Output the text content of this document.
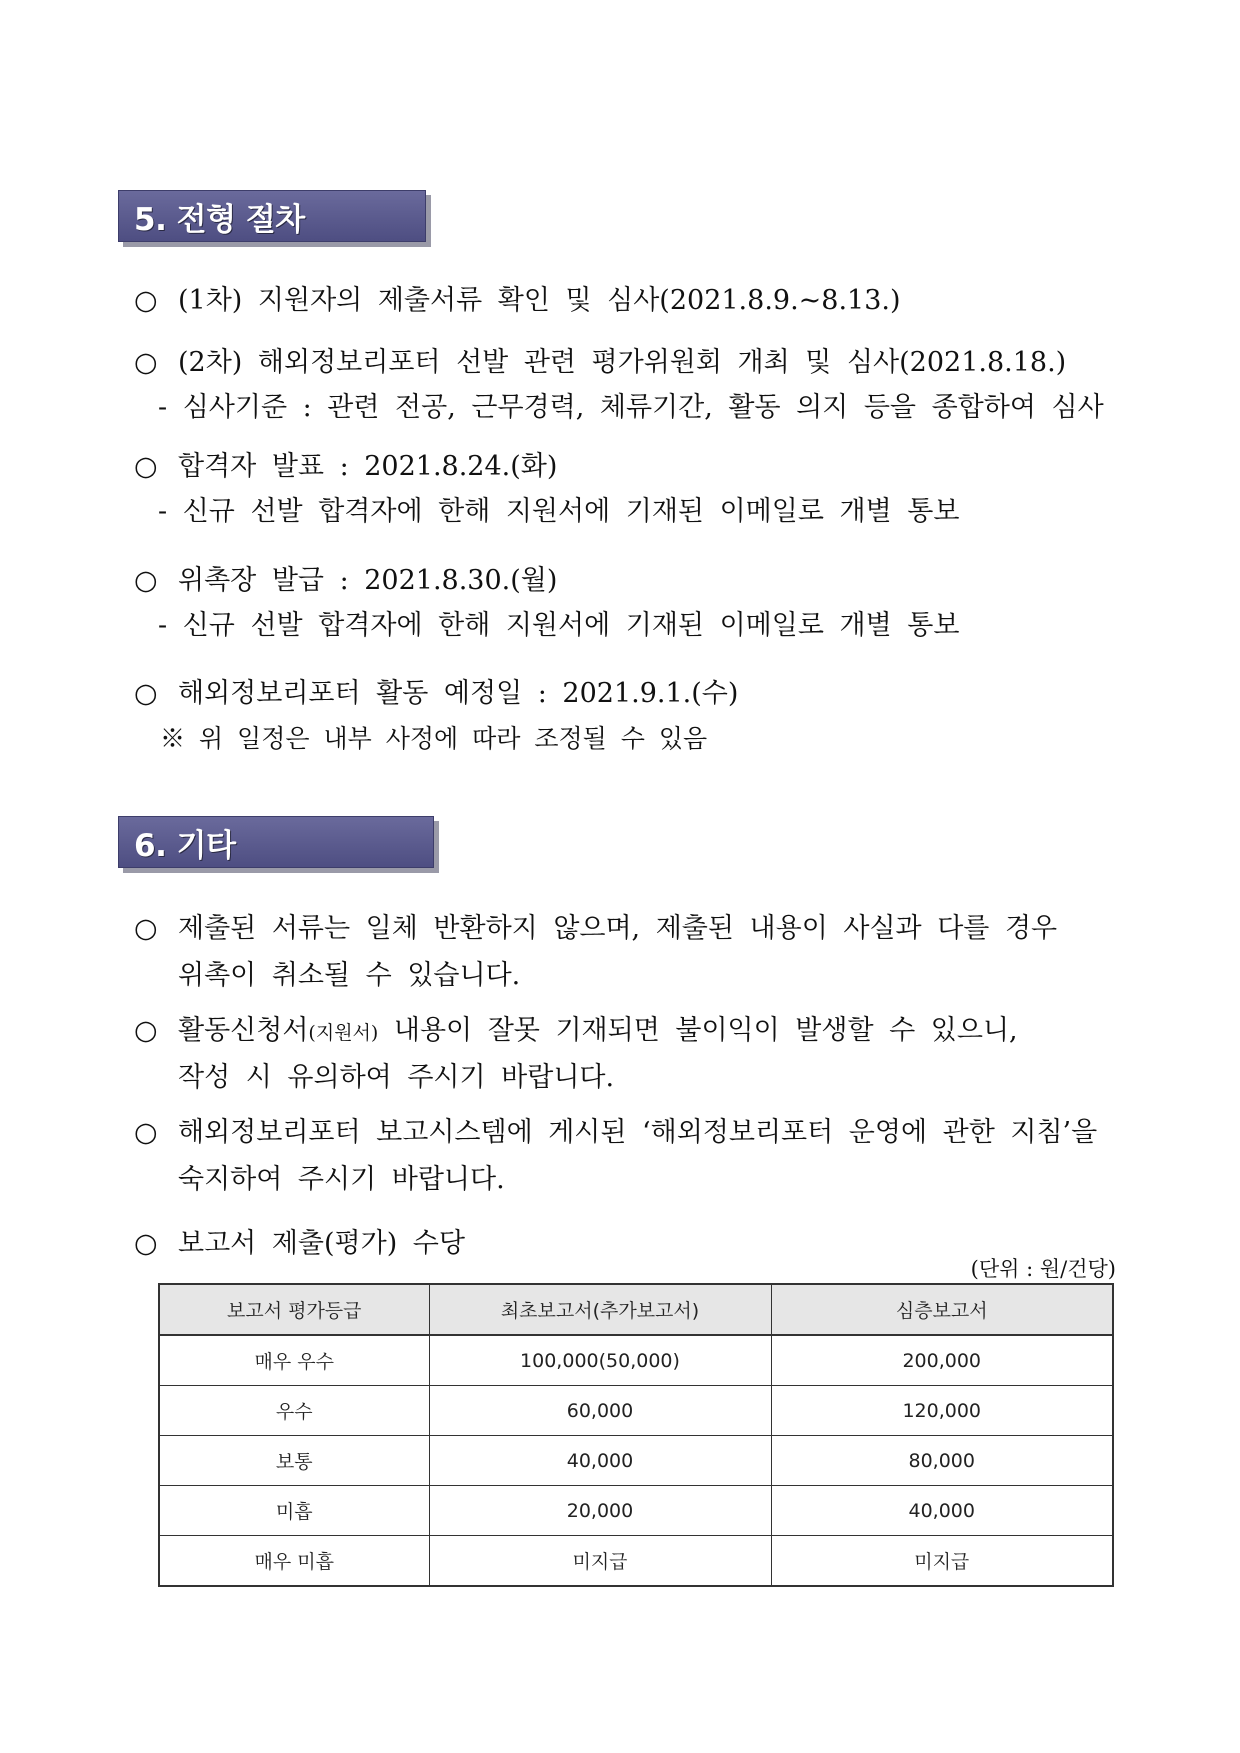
5. 전형 절차
○ (1차) 지원자의 제출서류 확인 및 심사(2021.8.9.~8.13.)
○ (2차) 해외정보리포터 선발 관련 평가위원회 개최 및 심사(2021.8.18.)
- 심사기준 : 관련 전공, 근무경력, 체류기간, 활동 의지 등을 종합하여 심사
○ 합격자 발표 : 2021.8.24.(화)
- 신규 선발 합격자에 한해 지원서에 기재된 이메일로 개별 통보
○ 위촉장 발급 : 2021.8.30.(월)
- 신규 선발 합격자에 한해 지원서에 기재된 이메일로 개별 통보
○ 해외정보리포터 활동 예정일 : 2021.9.1.(수)
※ 위 일정은 내부 사정에 따라 조정될 수 있음
6. 기타
○ 제출된 서류는 일체 반환하지 않으며, 제출된 내용이 사실과 다를 경우
위촉이 취소될 수 있습니다.
○ 활동신청서(지원서) 내용이 잘못 기재되면 불이익이 발생할 수 있으니,
작성 시 유의하여 주시기 바랍니다.
○ 해외정보리포터 보고시스템에 게시된 ‘해외정보리포터 운영에 관한 지침’을
숙지하여 주시기 바랍니다.
○ 보고서 제출(평가) 수당
(단위 : 원/건당)
보고서 평가등급	최초보고서(추가보고서)	심층보고서
매우 우수	100,000(50,000)	200,000
우수	60,000	120,000
보통	40,000	80,000
미흡	20,000	40,000
매우 미흡	미지급	미지급
